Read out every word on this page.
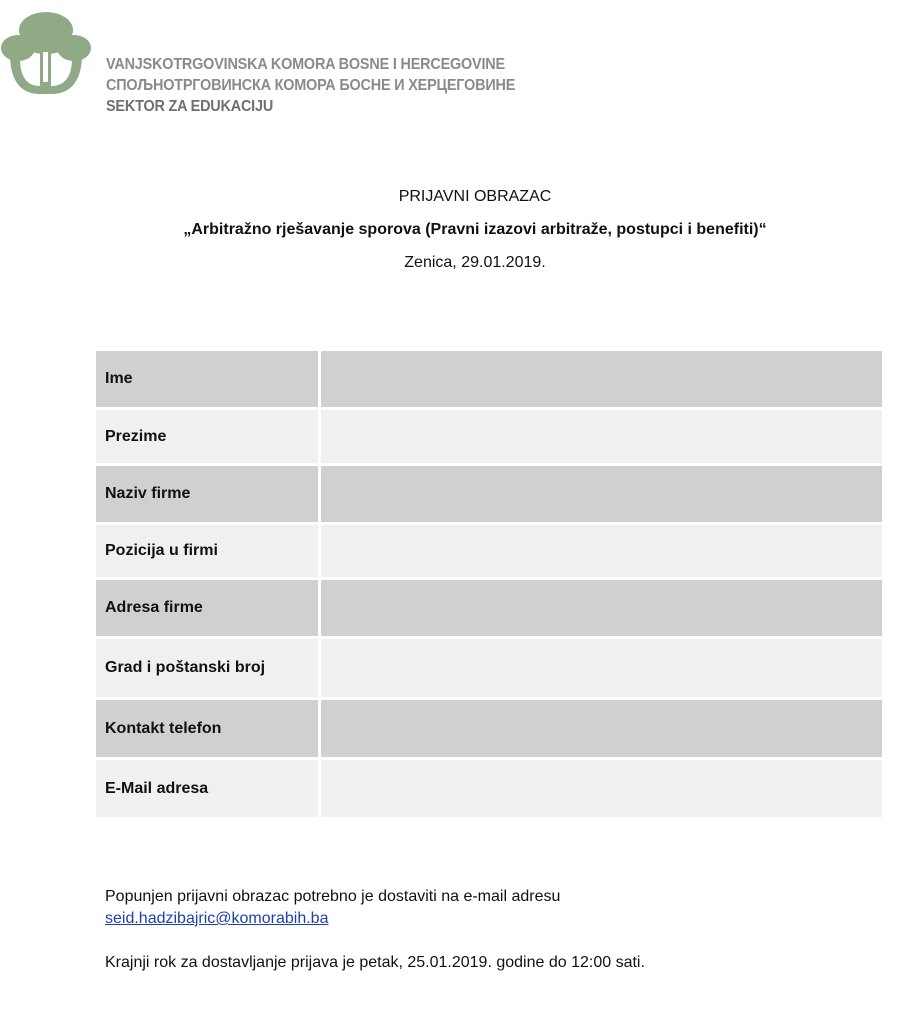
VANJSKOTRGOVINSKA KOMORA BOSNE I HERCEGOVINE
СПОЉНОТРГОВИНСКА КОМОРА БОСНЕ И ХЕРЦЕГОВИНЕ
SEKTOR ZA EDUKACIJU
PRIJAVNI OBRAZAC
„Arbitražno rješavanje sporova (Pravni izazovi arbitraže, postupci i benefiti)“
Zenica, 29.01.2019.
Ime
Prezime
Naziv firme
Pozicija u firmi
Adresa firme
Grad i poštanski broj
Kontakt telefon
E-Mail adresa
Popunjen prijavni obrazac potrebno je dostaviti na e-mail adresu
seid.hadzibajric@komorabih.ba
Krajnji rok za dostavljanje prijava je petak, 25.01.2019. godine do 12:00 sati.
